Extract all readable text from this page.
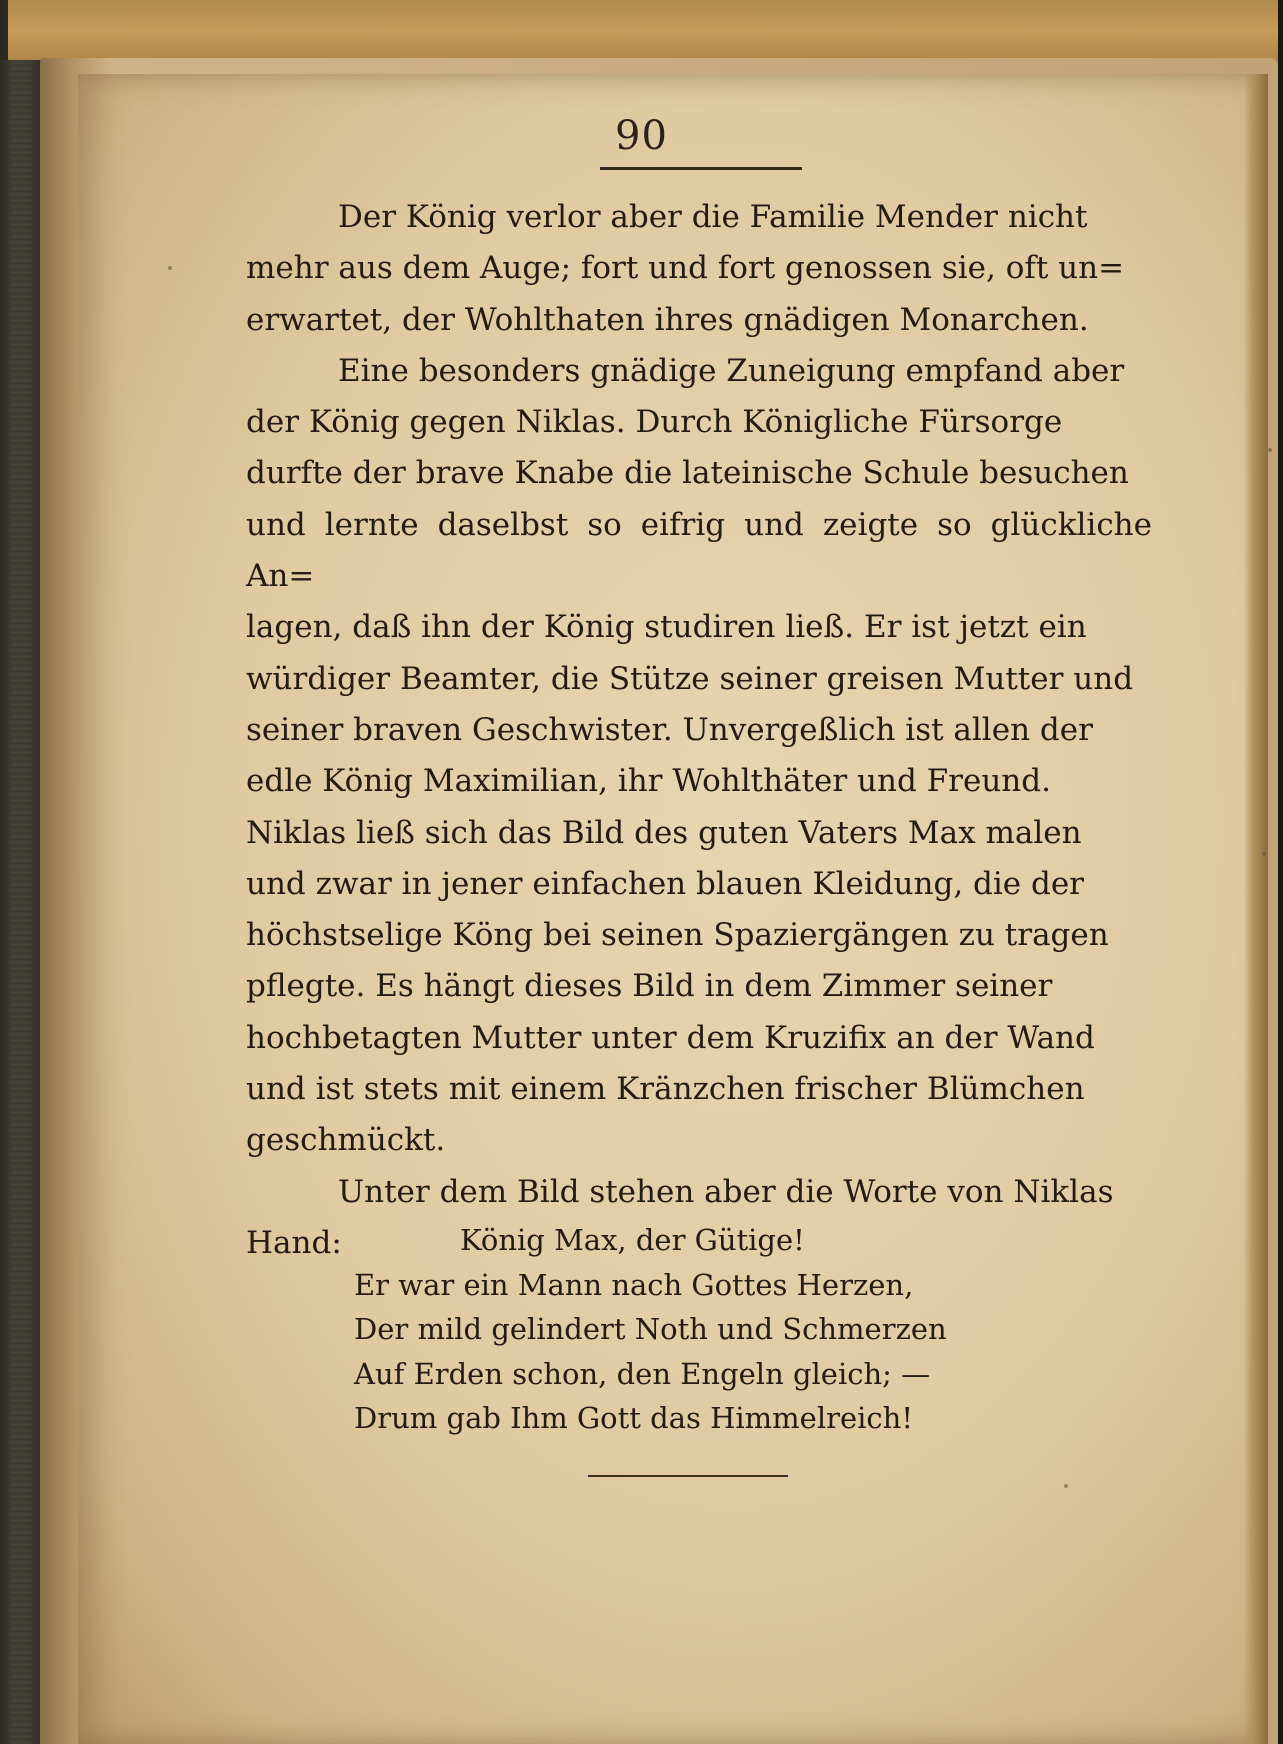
90

Der König verlor aber die Familie Mender nicht
mehr aus dem Auge; fort und fort genossen sie, oft un=
erwartet, der Wohlthaten ihres gnädigen Monarchen.

Eine besonders gnädige Zuneigung empfand aber
der König gegen Niklas. Durch Königliche Fürsorge
durfte der brave Knabe die lateinische Schule besuchen
und lernte daselbst so eifrig und zeigte so glückliche An=
lagen, daß ihn der König studiren ließ. Er ist jetzt ein
würdiger Beamter, die Stütze seiner greisen Mutter und
seiner braven Geschwister. Unvergeßlich ist allen der
edle König Maximilian, ihr Wohlthäter und Freund.
Niklas ließ sich das Bild des guten Vaters Max malen
und zwar in jener einfachen blauen Kleidung, die der
höchstselige Köng bei seinen Spaziergängen zu tragen
pflegte. Es hängt dieses Bild in dem Zimmer seiner
hochbetagten Mutter unter dem Kruzifix an der Wand
und ist stets mit einem Kränzchen frischer Blümchen
geschmückt.

Unter dem Bild stehen aber die Worte von Niklas
Hand:	König Max, der Gütige!
Er war ein Mann nach Gottes Herzen,
Der mild gelindert Noth und Schmerzen
Auf Erden schon, den Engeln gleich; —
Drum gab Ihm Gott das Himmelreich!
